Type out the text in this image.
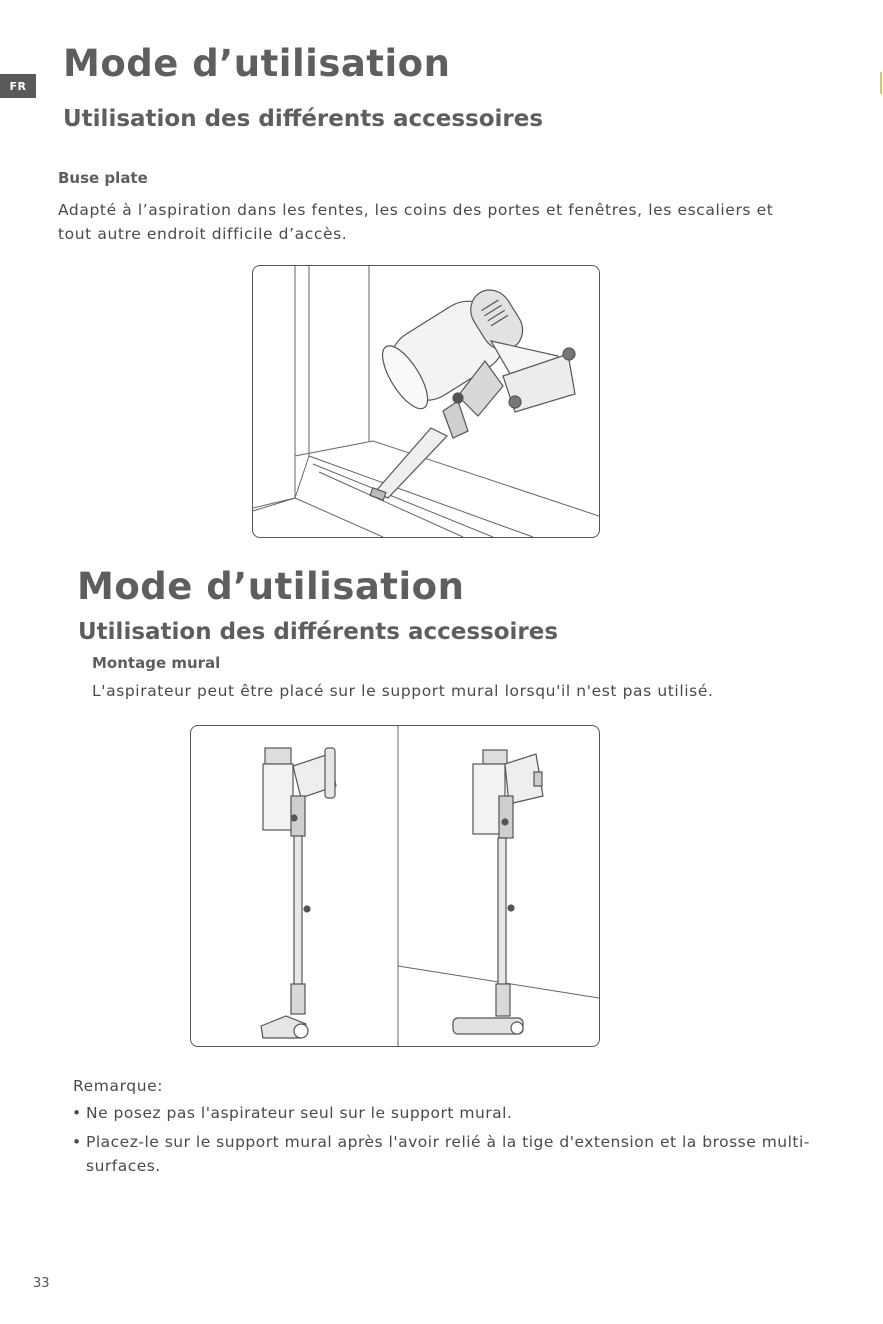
FR
Mode d’utilisation
Utilisation des différents accessoires
Buse plate
Adapté à l’aspiration dans les fentes, les coins des portes et fenêtres, les escaliers et
tout autre endroit difficile d’accès.
Mode d’utilisation
Utilisation des différents accessoires
Montage mural
L'aspirateur peut être placé sur le support mural lorsqu'il n'est pas utilisé.
Remarque:
• Ne posez pas l'aspirateur seul sur le support mural.
• Placez-le sur le support mural après l'avoir relié à la tige d'extension et la brosse multi-
surfaces.
33
